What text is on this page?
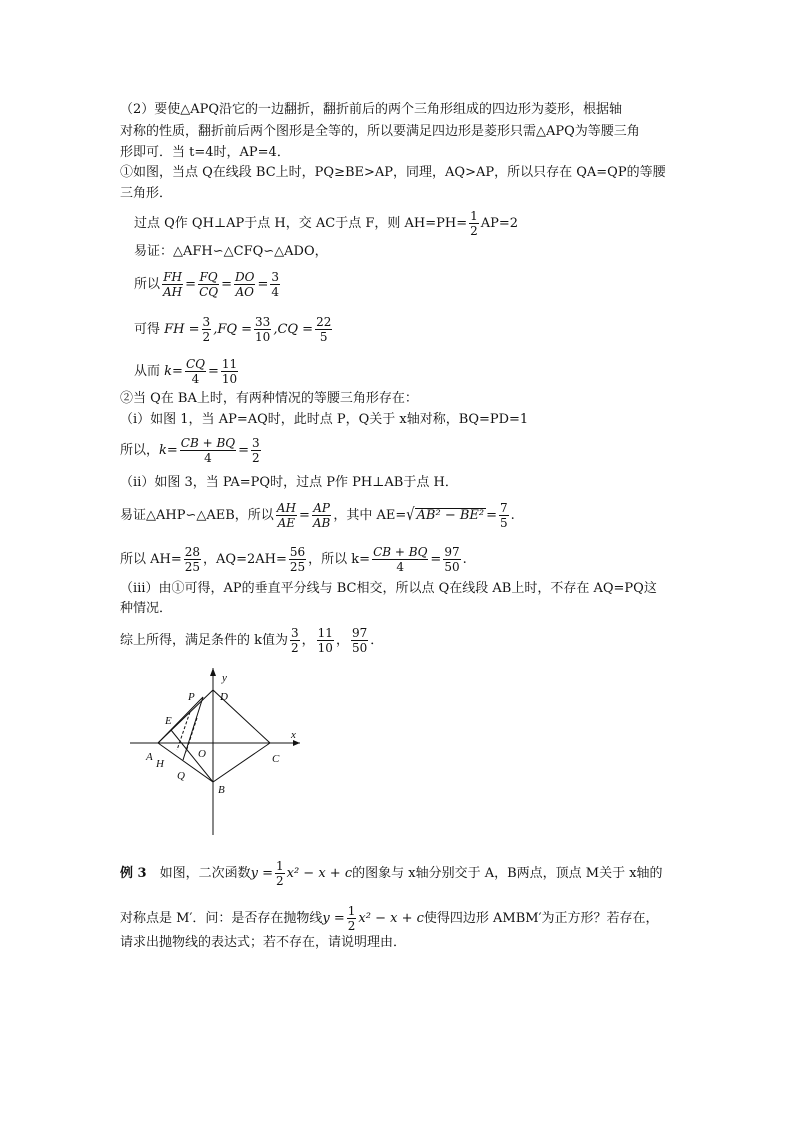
（2）要使△APQ沿它的一边翻折，翻折前后的两个三角形组成的四边形为菱形，根据轴
对称的性质，翻折前后两个图形是全等的，所以要满足四边形是菱形只需△APQ为等腰三角
形即可．当 t=4时，AP=4．
①如图，当点 Q在线段 BC上时，PQ≥BE>AP，同理，AQ>AP，所以只存在 QA=QP的等腰
三角形．
过点 Q作 QH⊥AP于点 H，交 AC于点 F，则 $AH=PH= \frac{1}{2} AP=2$
易证：△AFH∽△CFQ∽△ADO，
所以 $\frac{FH}{AH} = \frac{FQ}{CQ} = \frac{DO}{AO} = \frac{3}{4}$
可得 FH = $\frac{3}{2} ,FQ = \frac{33}{10} ,CQ = \frac{22}{5}$
从而 $k= \frac{CQ}{4} = \frac{11}{10}$
②当 Q在 BA上时，有两种情况的等腰三角形存在：
（i）如图 1，当 AP=AQ时，此时点 P，Q关于 x轴对称，BQ=PD=1
所以，$k= \frac{CB + BQ}{4} = \frac{3}{2}$
（ⅱ）如图 3，当 PA=PQ时，过点 P作 PH⊥AB于点 H．
易证△AHP∽△AEB，所以 $\frac{AH}{AE} = \frac{AP}{AB}$ ，其中 AE=√ $AB^2 - BE^2 = \frac{7}{5}$ .
所以 $AH= \frac{28}{25}$ ，$AQ=2AH= \frac{56}{25}$ ，所以 $k= \frac{CB + BQ}{4} = \frac{97}{50}$ .
（ⅲ）由①可得，AP的垂直平分线与 BC相交，所以点 Q在线段 AB上时，不存在 AQ=PQ这
种情况．
综上所得，满足条件的 k值为 $\frac{3}{2}$ ， $\frac{11}{10}$ ， $\frac{97}{50}$ ．
y
x
P D
E
A
H
O	C
Q
B
例 3　 如图，二次函数$y = \frac{1}{2} x^2 - x + c$的图象与 x轴分别交于 A，B两点，顶点 M关于 x轴的
对称点是 M′．问：是否存在抛物线$y = \frac{1}{2} x^2 - x + c$使得四边形 AMBM′为正方形？若存在，
请求出抛物线的表达式；若不存在，请说明理由．
